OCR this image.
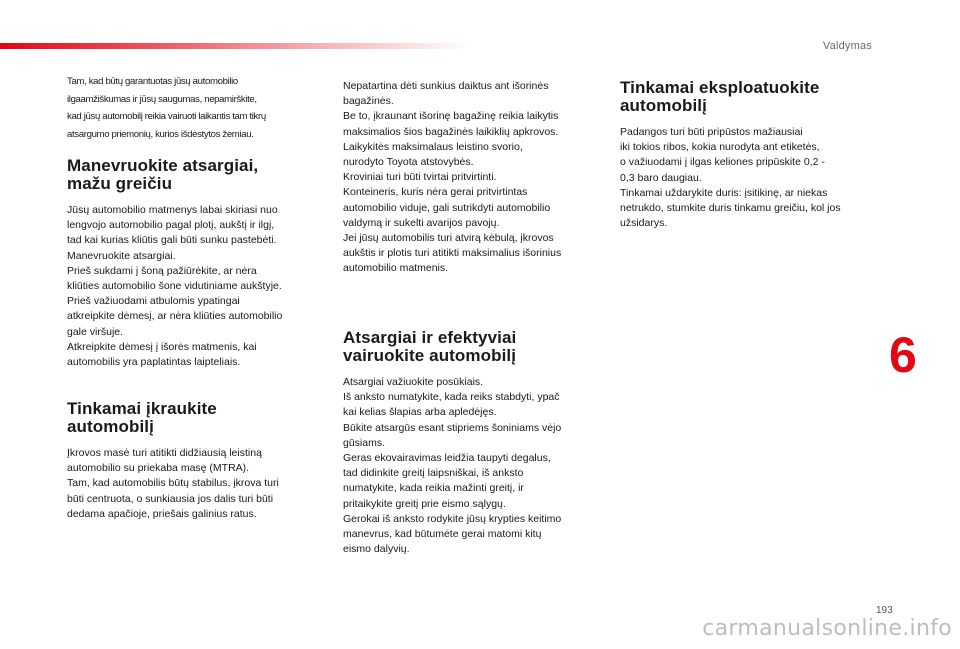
Valdymas
6
193
carmanualsonline.info

Tam, kad būtų garantuotas jūsų automobilio
ilgaamžiškumas ir jūsų saugumas, nepamirškite,
kad jūsų automobilį reikia vairuoti laikantis tam tikrų
atsargumo priemonių, kurios išdėstytos žemiau.

Manevruokite atsargiai,
mažu greičiu

Jūsų automobilio matmenys labai skiriasi nuo
lengvojo automobilio pagal plotį, aukštį ir ilgį,
tad kai kurias kliūtis gali būti sunku pastebėti.
Manevruokite atsargiai.
Prieš sukdami į šoną pažiūrėkite, ar nėra
kliūties automobilio šone vidutiniame aukštyje.
Prieš važiuodami atbulomis ypatingai
atkreipkite dėmesį, ar nėra kliūties automobilio
gale viršuje.
Atkreipkite dėmesį į išorės matmenis, kai
automobilis yra paplatintas laipteliais.

Tinkamai įkraukite
automobilį

Įkrovos masė turi atitikti didžiausią leistiną
automobilio su priekaba masę (MTRA).
Tam, kad automobilis būtų stabilus, įkrova turi
būti centruota, o sunkiausia jos dalis turi būti
dedama apačioje, priešais galinius ratus.

Nepatartina dėti sunkius daiktus ant išorinės
bagažinės.
Be to, įkraunant išorinę bagažinę reikia laikytis
maksimalios šios bagažinės laikiklių apkrovos.
Laikykitės maksimalaus leistino svorio,
nurodyto Toyota atstovybės.
Kroviniai turi būti tvirtai pritvirtinti.
Konteineris, kuris nėra gerai pritvirtintas
automobilio viduje, gali sutrikdyti automobilio
valdymą ir sukelti avarijos pavojų.
Jei jūsų automobilis turi atvirą kėbulą, įkrovos
aukštis ir plotis turi atitikti maksimalius išorinius
automobilio matmenis.

Atsargiai ir efektyviai
vairuokite automobilį

Atsargiai važiuokite posūkiais.
Iš anksto numatykite, kada reiks stabdyti, ypač
kai kelias šlapias arba apledėjęs.
Būkite atsargūs esant stipriems šoniniams vėjo
gūsiams.
Geras ekovairavimas leidžia taupyti degalus,
tad didinkite greitį laipsniškai, iš anksto
numatykite, kada reikia mažinti greitį, ir
pritaikykite greitį prie eismo sąlygų.
Gerokai iš anksto rodykite jūsų krypties keitimo
manevrus, kad būtumėte gerai matomi kitų
eismo dalyvių.

Tinkamai eksploatuokite
automobilį

Padangos turi būti pripūstos mažiausiai
iki tokios ribos, kokia nurodyta ant etiketės,
o važiuodami į ilgas keliones pripūskite 0,2 -
0,3 baro daugiau.
Tinkamai uždarykite duris: įsitikinę, ar niekas
netrukdo, stumkite duris tinkamu greičiu, kol jos
užsidarys.
